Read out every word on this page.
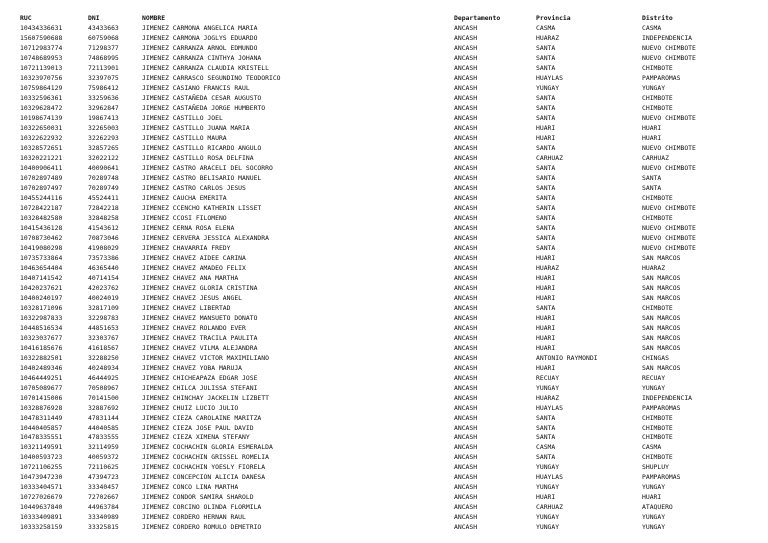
RUC	DNI	NOMBRE	Departamento	Provincia	Distrito
10434336631	43433663	JIMENEZ CARMONA ANGELICA MARIA	ANCASH	CASMA	CASMA
15607590688	60759068	JIMENEZ CARMONA JOGLYS EDUARDO	ANCASH	HUARAZ	INDEPENDENCIA
10712983774	71298377	JIMENEZ CARRANZA ARNOL EDMUNDO	ANCASH	SANTA	NUEVO CHIMBOTE
10748689953	74868995	JIMENEZ CARRANZA CINTHYA JOHANA	ANCASH	SANTA	NUEVO CHIMBOTE
10721139013	72113901	JIMENEZ CARRANZA CLAUDIA KRISTELL	ANCASH	SANTA	CHIMBOTE
10323970756	32397075	JIMENEZ CARRASCO SEGUNDINO TEODORICO	ANCASH	HUAYLAS	PAMPAROMAS
10759864129	75986412	JIMENEZ CASIANO FRANCIS RAUL	ANCASH	YUNGAY	YUNGAY
10332596361	33259636	JIMENEZ CASTAÑEDA CESAR AUGUSTO	ANCASH	SANTA	CHIMBOTE
10329628472	32962847	JIMENEZ CASTAÑEDA JORGE HUMBERTO	ANCASH	SANTA	CHIMBOTE
10198674139	19867413	JIMENEZ CASTILLO JOEL	ANCASH	SANTA	NUEVO CHIMBOTE
10322650031	32265003	JIMENEZ CASTILLO JUANA MARIA	ANCASH	HUARI	HUARI
10322622932	32262293	JIMENEZ CASTILLO MAURA	ANCASH	HUARI	HUARI
10328572651	32857265	JIMENEZ CASTILLO RICARDO ANGULO	ANCASH	SANTA	NUEVO CHIMBOTE
10320221221	32022122	JIMENEZ CASTILLO ROSA DELFINA	ANCASH	CARHUAZ	CARHUAZ
10400906411	40090641	JIMENEZ CASTRO ARACELI DEL SOCORRO	ANCASH	SANTA	NUEVO CHIMBOTE
10702897489	70289748	JIMENEZ CASTRO BELISARIO MANUEL	ANCASH	SANTA	SANTA
10702897497	70289749	JIMENEZ CASTRO CARLOS JESUS	ANCASH	SANTA	SANTA
10455244116	45524411	JIMENEZ CAUCHA EMERITA	ANCASH	SANTA	CHIMBOTE
10728422187	72842218	JIMENEZ CCENCHO KATHERIN LISSET	ANCASH	SANTA	NUEVO CHIMBOTE
10328482580	32848258	JIMENEZ CCOSI FILOMENO	ANCASH	SANTA	CHIMBOTE
10415436128	41543612	JIMENEZ CERNA ROSA ELENA	ANCASH	SANTA	NUEVO CHIMBOTE
10708730462	70873046	JIMENEZ CERVERA JESSICA ALEXANDRA	ANCASH	SANTA	NUEVO CHIMBOTE
10419080298	41908029	JIMENEZ CHAVARRIA FREDY	ANCASH	SANTA	NUEVO CHIMBOTE
10735733864	73573386	JIMENEZ CHAVEZ AIDEE CARINA	ANCASH	HUARI	SAN MARCOS
10463654404	46365440	JIMENEZ CHAVEZ AMADEO FELIX	ANCASH	HUARAZ	HUARAZ
10407141542	40714154	JIMENEZ CHAVEZ ANA MARTHA	ANCASH	HUARI	SAN MARCOS
10420237621	42023762	JIMENEZ CHAVEZ GLORIA CRISTINA	ANCASH	HUARI	SAN MARCOS
10400240197	40024019	JIMENEZ CHAVEZ JESUS ANGEL	ANCASH	HUARI	SAN MARCOS
10328171096	32817109	JIMENEZ CHAVEZ LIBERTAD	ANCASH	SANTA	CHIMBOTE
10322987833	32298783	JIMENEZ CHAVEZ MANSUETO DONATO	ANCASH	HUARI	SAN MARCOS
10448516534	44851653	JIMENEZ CHAVEZ ROLANDO EVER	ANCASH	HUARI	SAN MARCOS
10323037677	32303767	JIMENEZ CHAVEZ TRACILA PAULITA	ANCASH	HUARI	SAN MARCOS
10416185676	41618567	JIMENEZ CHAVEZ VILMA ALEJANDRA	ANCASH	HUARI	SAN MARCOS
10322882501	32288250	JIMENEZ CHAVEZ VICTOR MAXIMILIANO	ANCASH	ANTONIO RAYMONDI	CHINGAS
10402489346	40248934	JIMENEZ CHAVEZ YOBA MARUJA	ANCASH	HUARI	SAN MARCOS
10464449251	46444925	JIMENEZ CHICHEAPAZA EDGAR JOSE	ANCASH	RECUAY	RECUAY
10705089677	70508967	JIMENEZ CHILCA JULISSA STEFANI	ANCASH	YUNGAY	YUNGAY
10701415006	70141500	JIMENEZ CHINCHAY JACKELIN LIZBETT	ANCASH	HUARAZ	INDEPENDENCIA
10328876928	32887692	JIMENEZ CHUIZ LUCIO JULIO	ANCASH	HUAYLAS	PAMPAROMAS
10478311449	47831144	JIMENEZ CIEZA CAROLAINE MARITZA	ANCASH	SANTA	CHIMBOTE
10440405857	44040585	JIMENEZ CIEZA JOSE PAUL DAVID	ANCASH	SANTA	CHIMBOTE
10478335551	47833555	JIMENEZ CIEZA XIMENA STEFANY	ANCASH	SANTA	CHIMBOTE
10321149591	32114959	JIMENEZ COCHACHIN GLORIA ESMERALDA	ANCASH	CASMA	CASMA
10400593723	40059372	JIMENEZ COCHACHIN GRISSEL ROMELIA	ANCASH	SANTA	CHIMBOTE
10721106255	72110625	JIMENEZ COCHACHIN YOESLY FIORELA	ANCASH	YUNGAY	SHUPLUY
10473947230	47394723	JIMENEZ CONCEPCION ALICIA DANESA	ANCASH	HUAYLAS	PAMPAROMAS
10333404571	33340457	JIMENEZ CONCO LINA MARTHA	ANCASH	YUNGAY	YUNGAY
10727026679	72702667	JIMENEZ CONDOR SAMIRA SHAROLD	ANCASH	HUARI	HUARI
10449637840	44963784	JIMENEZ CORCINO OLINDA FLORMILA	ANCASH	CARHUAZ	ATAQUERO
10333409891	33340989	JIMENEZ CORDERO HERNAN RAUL	ANCASH	YUNGAY	YUNGAY
10333258159	33325815	JIMENEZ CORDERO ROMULO DEMETRIO	ANCASH	YUNGAY	YUNGAY
